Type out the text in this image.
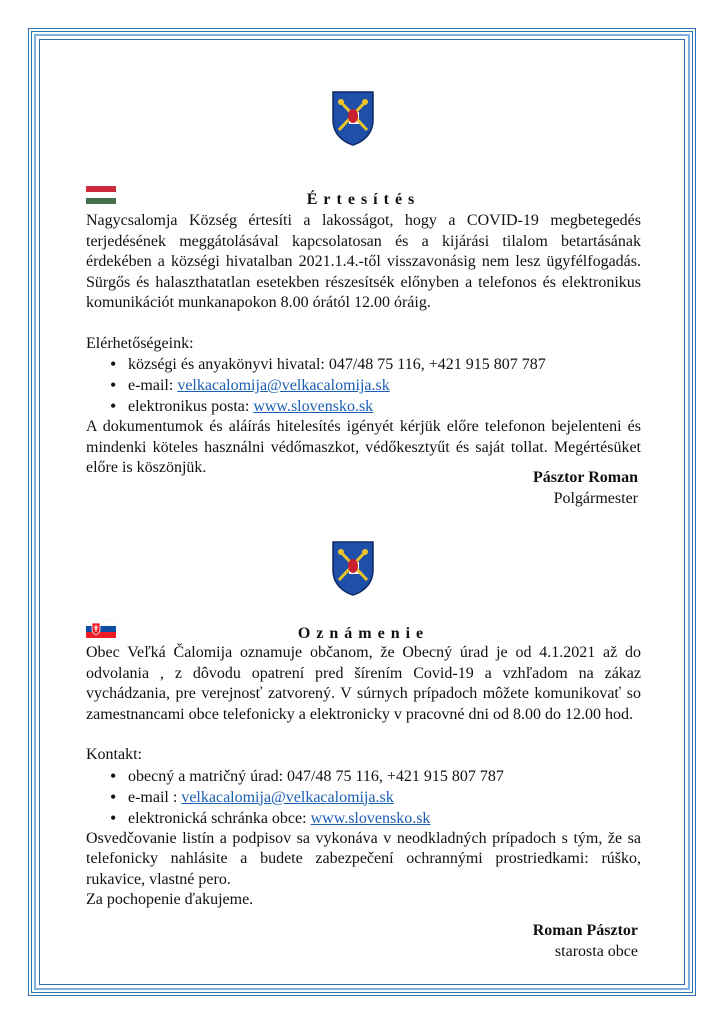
Értesítés

Nagycsalomja Község értesíti a lakosságot, hogy a COVID-19 megbetegedés terjedésének meggátolásával kapcsolatosan és a kijárási tilalom betartásának érdekében a községi hivatalban 2021.1.4.-től visszavonásig nem lesz ügyfélfogadás. Sürgős és halaszthatatlan esetekben részesítsék előnyben a telefonos és elektronikus komunikációt munkanapokon 8.00 órától 12.00 óráig.

Elérhetőségeink:

• községi és anyakönyvi hivatal: 047/48 75 116, +421 915 807 787
• e-mail: velkacalomija@velkacalomija.sk
• elektronikus posta: www.slovensko.sk

A dokumentumok és aláírás hitelesítés igényét kérjük előre telefonon bejelenteni és mindenki köteles használni védőmaszkot, védőkesztyűt és saját tollat. Megértésüket előre is köszönjük.

Pásztor Roman
Polgármester
Oznámenie

Obec Veľká Čalomija oznamuje občanom, že Obecný úrad je od 4.1.2021 až do odvolania , z dôvodu opatrení pred šírením Covid-19 a vzhľadom na zákaz vychádzania, pre verejnosť zatvorený. V súrnych prípadoch môžete komunikovať so zamestnancami obce telefonicky a elektronicky v pracovné dni od 8.00 do 12.00 hod.

Kontakt:

• obecný a matričný úrad: 047/48 75 116, +421 915 807 787
• e-mail : velkacalomija@velkacalomija.sk
• elektronická schránka obce: www.slovensko.sk

Osvedčovanie listín a podpisov sa vykonáva v neodkladných prípadoch s tým, že sa telefonicky nahlásite a budete zabezpečení ochrannými prostriedkami: rúško, rukavice, vlastné pero.

Za pochopenie ďakujeme.

Roman Pásztor
starosta obce
